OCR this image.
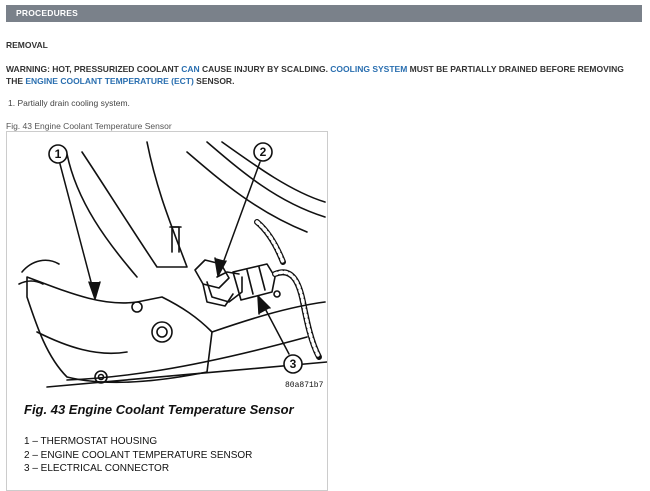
PROCEDURES
REMOVAL
WARNING: HOT, PRESSURIZED COOLANT CAN CAUSE INJURY BY SCALDING. COOLING SYSTEM MUST BE PARTIALLY DRAINED BEFORE REMOVING THE ENGINE COOLANT TEMPERATURE (ECT) SENSOR.
1. Partially drain cooling system.
Fig. 43 Engine Coolant Temperature Sensor
1	2
3
80a871b7
Fig. 43 Engine Coolant Temperature Sensor
1 – THERMOSTAT HOUSING
2 – ENGINE COOLANT TEMPERATURE SENSOR
3 – ELECTRICAL CONNECTOR
